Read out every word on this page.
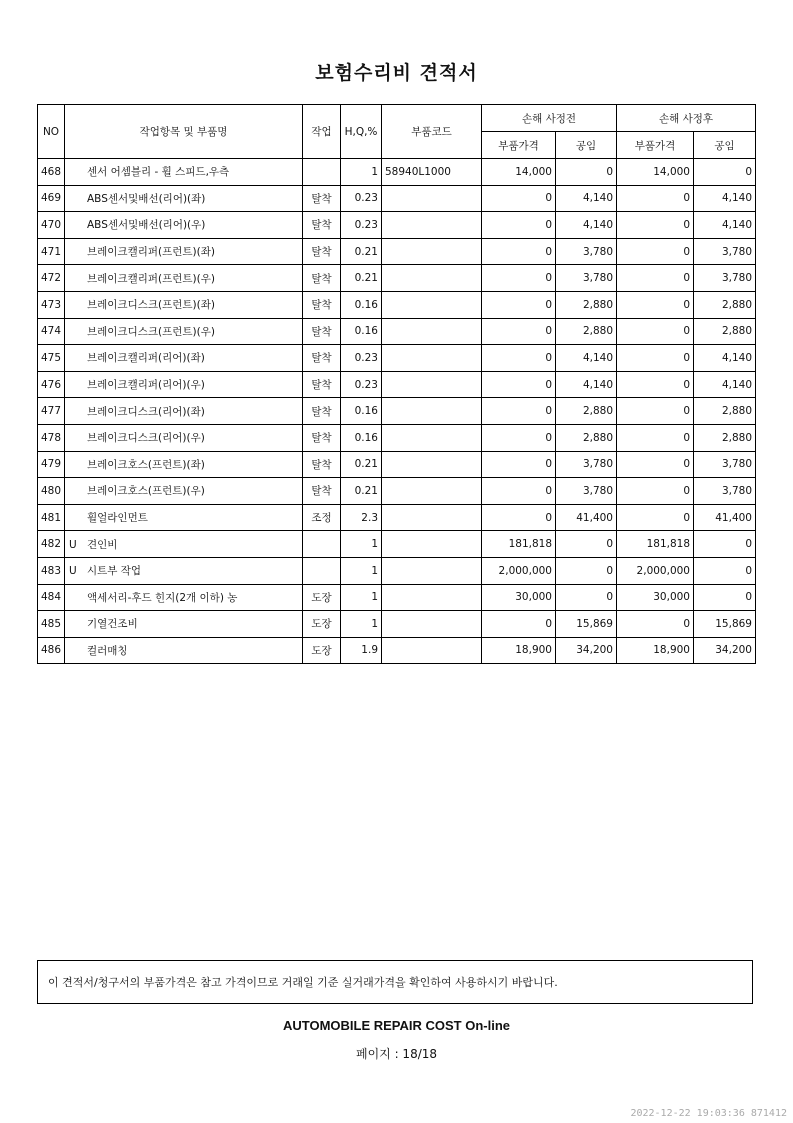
보험수리비 견적서
NO	작업항목 및 부품명	작업	H,Q,%	부품코드	손해 사정전		손해 사정후	
					부품가격	공임	부품가격	공임
468	센서 어셈블리 - 휠 스피드,우측		1	58940L1000	14,000	0	14,000	0
469	ABS센서및배선(리어)(좌)	탈착	0.23		0	4,140	0	4,140
470	ABS센서및배선(리어)(우)	탈착	0.23		0	4,140	0	4,140
471	브레이크캘리퍼(프런트)(좌)	탈착	0.21		0	3,780	0	3,780
472	브레이크캘리퍼(프런트)(우)	탈착	0.21		0	3,780	0	3,780
473	브레이크디스크(프런트)(좌)	탈착	0.16		0	2,880	0	2,880
474	브레이크디스크(프런트)(우)	탈착	0.16		0	2,880	0	2,880
475	브레이크캘리퍼(리어)(좌)	탈착	0.23		0	4,140	0	4,140
476	브레이크캘리퍼(리어)(우)	탈착	0.23		0	4,140	0	4,140
477	브레이크디스크(리어)(좌)	탈착	0.16		0	2,880	0	2,880
478	브레이크디스크(리어)(우)	탈착	0.16		0	2,880	0	2,880
479	브레이크호스(프런트)(좌)	탈착	0.21		0	3,780	0	3,780
480	브레이크호스(프런트)(우)	탈착	0.21		0	3,780	0	3,780
481	휠얼라인먼트	조정	2.3		0	41,400	0	41,400
482	U 견인비		1		181,818	0	181,818	0
483	U 시트부 작업		1		2,000,000	0	2,000,000	0
484	액세서리-후드 힌지(2개 이하) 농	도장	1		30,000	0	30,000	0
485	기열건조비	도장	1		0	15,869	0	15,869
486	컬러매칭	도장	1.9		18,900	34,200	18,900	34,200
이 견적서/청구서의 부품가격은 참고 가격이므로 거래일 기준 실거래가격을 확인하여 사용하시기 바랍니다.
AUTOMOBILE REPAIR COST On-line
페이지 : 18/18
2022-12-22 19:03:36 871412
